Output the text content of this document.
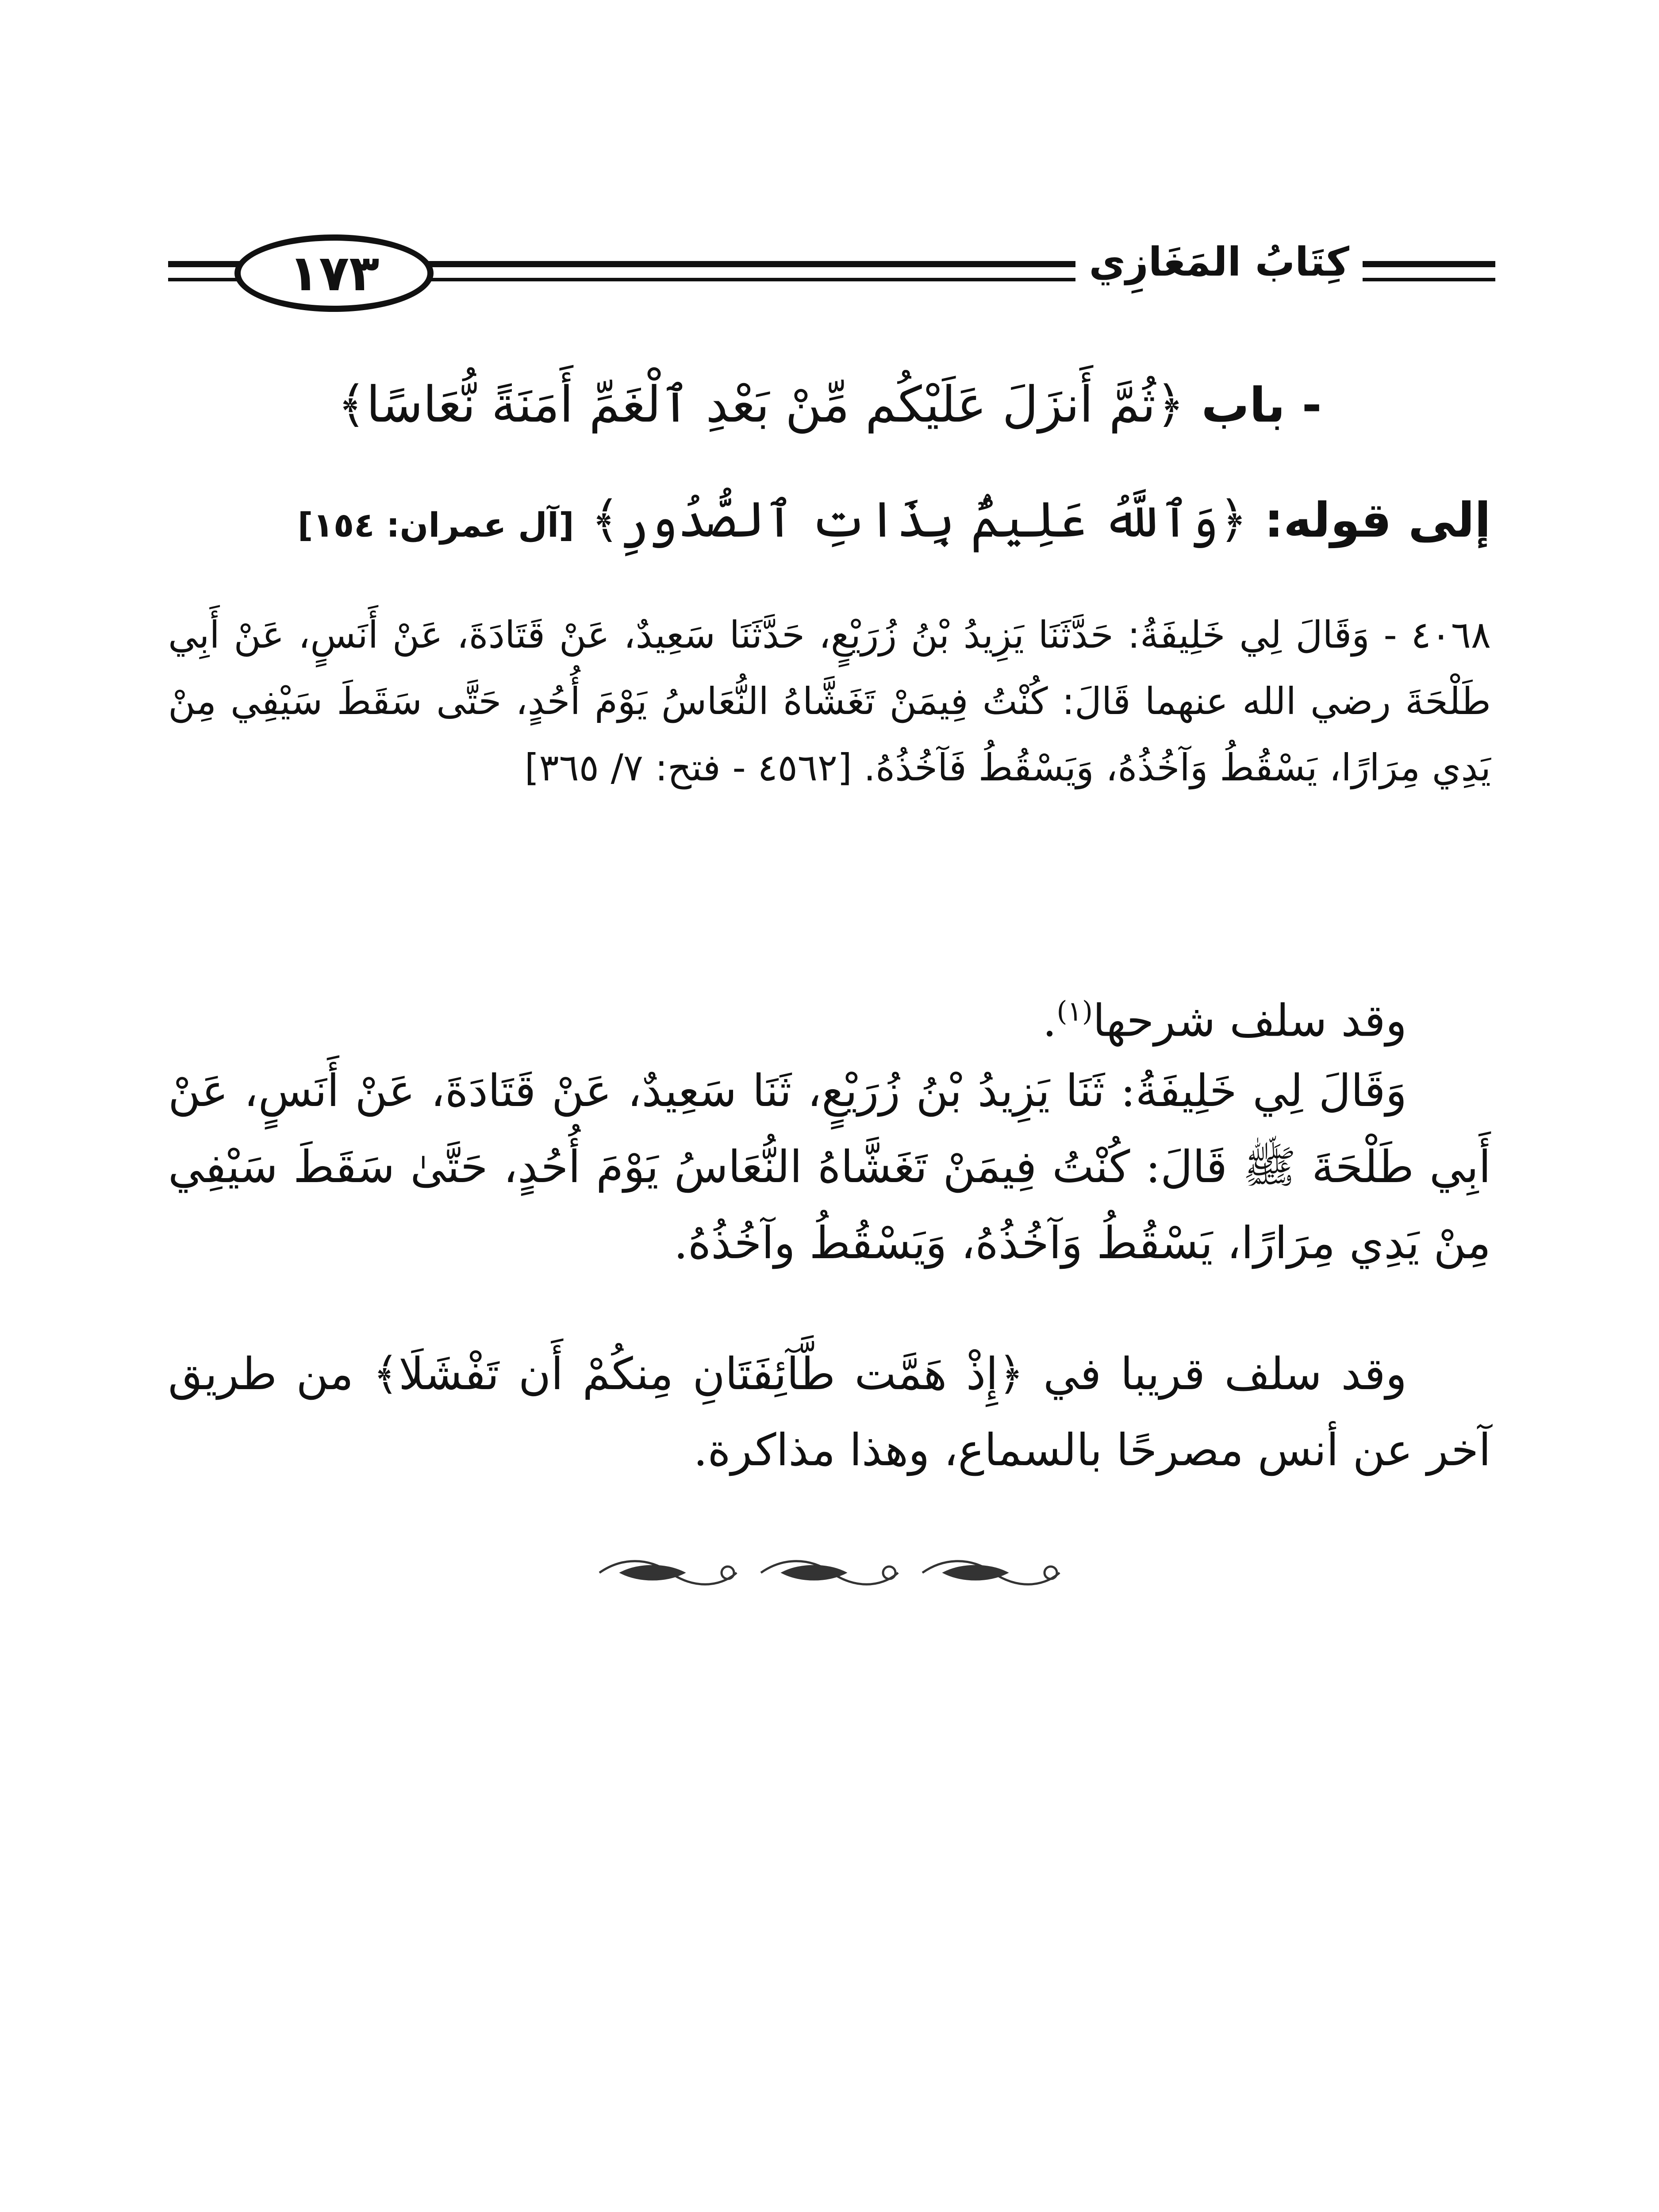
كِتَابُ المَغَازِي
١٧٣
- باب ﴿ثُمَّ أَنزَلَ عَلَيْكُم مِّنْ بَعْدِ ٱلْغَمِّ أَمَنَةً نُّعَاسًا﴾
إلى قوله: ﴿وَٱللَّهُ عَلِيمٌۢ بِذَاتِ ٱلصُّدُورِ﴾ [آل عمران: ١٥٤]
٤٠٦٨ - وَقَالَ لِي خَلِيفَةُ: حَدَّثَنَا يَزِيدُ بْنُ زُرَيْعٍ، حَدَّثَنَا سَعِيدٌ، عَنْ قَتَادَةَ، عَنْ أَنَسٍ، عَنْ أَبِي طَلْحَةَ رضي الله عنهما قَالَ: كُنْتُ فِيمَنْ تَغَشَّاهُ النُّعَاسُ يَوْمَ أُحُدٍ، حَتَّى سَقَطَ سَيْفِي مِنْ يَدِي مِرَارًا، يَسْقُطُ وَآخُذُهُ، وَيَسْقُطُ فَآخُذُهُ. [٤٥٦٢ - فتح: ٧/ ٣٦٥]
وقد سلف شرحها$^{(١)}$.
وَقَالَ لِي خَلِيفَةُ: ثَنَا يَزِيدُ بْنُ زُرَيْعٍ، ثَنَا سَعِيدٌ، عَنْ قَتَادَةَ، عَنْ أَنَسٍ، عَنْ أَبِي طَلْحَةَ ﷺ قَالَ: كُنْتُ فِيمَنْ تَغَشَّاهُ النُّعَاسُ يَوْمَ أُحُدٍ، حَتَّىٰ سَقَطَ سَيْفِي مِنْ يَدِي مِرَارًا، يَسْقُطُ وَآخُذُهُ، وَيَسْقُطُ وآخُذُهُ.
وقد سلف قريبا في ﴿إِذْ هَمَّت طَّآئِفَتَانِ مِنكُمْ أَن تَفْشَلَا﴾ من طريق آخر عن أنس مصرحًا بالسماع، وهذا مذاكرة.
